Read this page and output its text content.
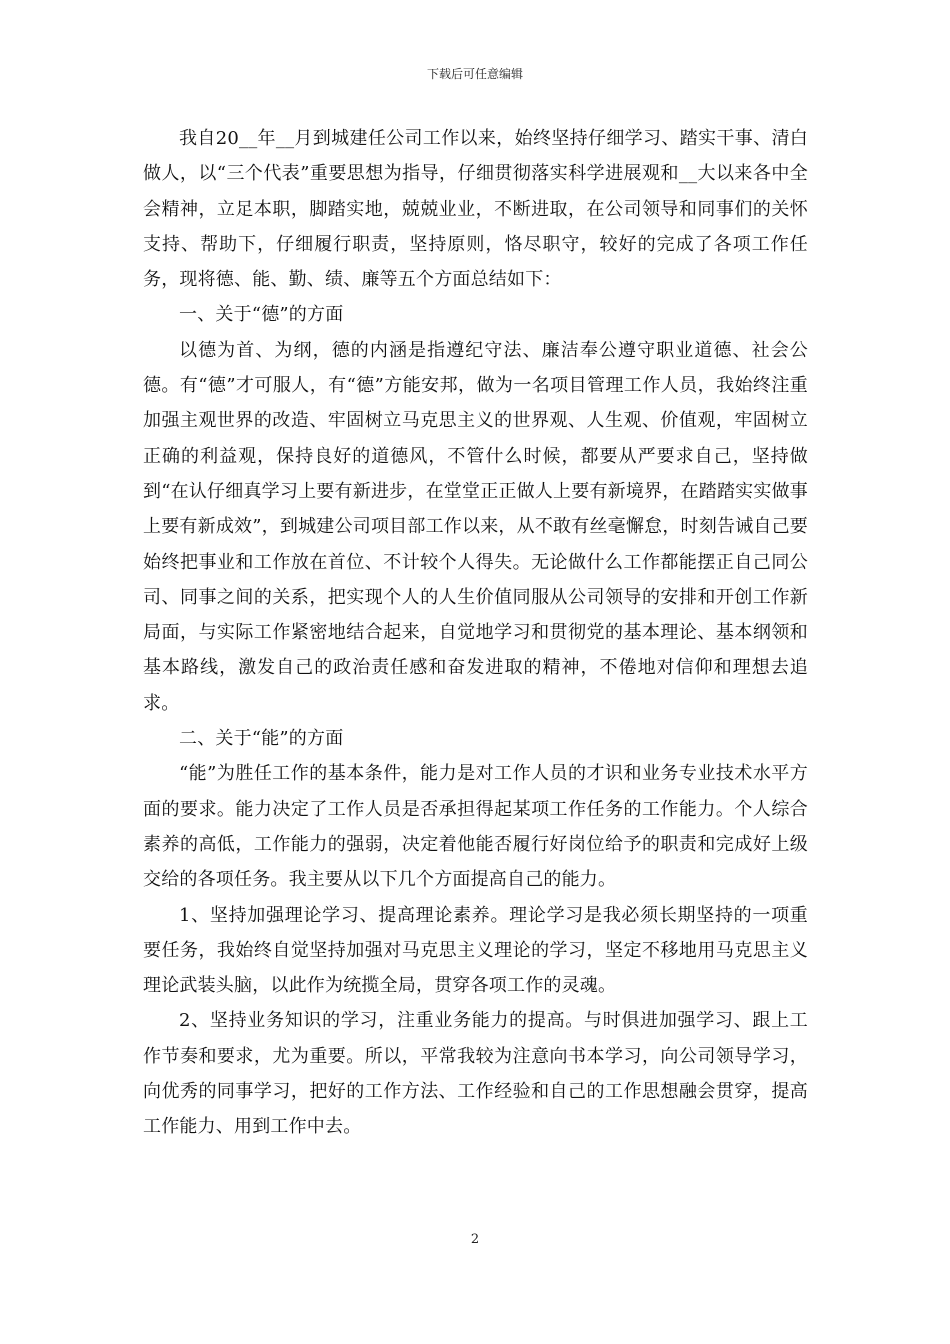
下载后可任意编辑

我自20__年__月到城建任公司工作以来，始终坚持仔细学习、踏实干事、清白做人，以“三个代表”重要思想为指导，仔细贯彻落实科学进展观和__大以来各中全会精神，立足本职，脚踏实地，兢兢业业，不断进取，在公司领导和同事们的关怀支持、帮助下，仔细履行职责，坚持原则，恪尽职守，较好的完成了各项工作任务，现将德、能、勤、绩、廉等五个方面总结如下：

一、关于“德”的方面

以德为首、为纲，德的内涵是指遵纪守法、廉洁奉公遵守职业道德、社会公德。有“德”才可服人，有“德”方能安邦，做为一名项目管理工作人员，我始终注重加强主观世界的改造、牢固树立马克思主义的世界观、人生观、价值观，牢固树立正确的利益观，保持良好的道德风，不管什么时候，都要从严要求自己，坚持做到“在认仔细真学习上要有新进步，在堂堂正正做人上要有新境界，在踏踏实实做事上要有新成效”，到城建公司项目部工作以来，从不敢有丝毫懈怠，时刻告诫自己要始终把事业和工作放在首位、不计较个人得失。无论做什么工作都能摆正自己同公司、同事之间的关系，把实现个人的人生价值同服从公司领导的安排和开创工作新局面，与实际工作紧密地结合起来，自觉地学习和贯彻党的基本理论、基本纲领和基本路线，激发自己的政治责任感和奋发进取的精神，不倦地对信仰和理想去追求。

二、关于“能”的方面

“能”为胜任工作的基本条件，能力是对工作人员的才识和业务专业技术水平方面的要求。能力决定了工作人员是否承担得起某项工作任务的工作能力。个人综合素养的高低，工作能力的强弱，决定着他能否履行好岗位给予的职责和完成好上级交给的各项任务。我主要从以下几个方面提高自己的能力。

1、坚持加强理论学习、提高理论素养。理论学习是我必须长期坚持的一项重要任务，我始终自觉坚持加强对马克思主义理论的学习，坚定不移地用马克思主义理论武装头脑，以此作为统揽全局，贯穿各项工作的灵魂。

2、坚持业务知识的学习，注重业务能力的提高。与时俱进加强学习、跟上工作节奏和要求，尤为重要。所以，平常我较为注意向书本学习，向公司领导学习，向优秀的同事学习，把好的工作方法、工作经验和自己的工作思想融会贯穿，提高工作能力、用到工作中去。

2
